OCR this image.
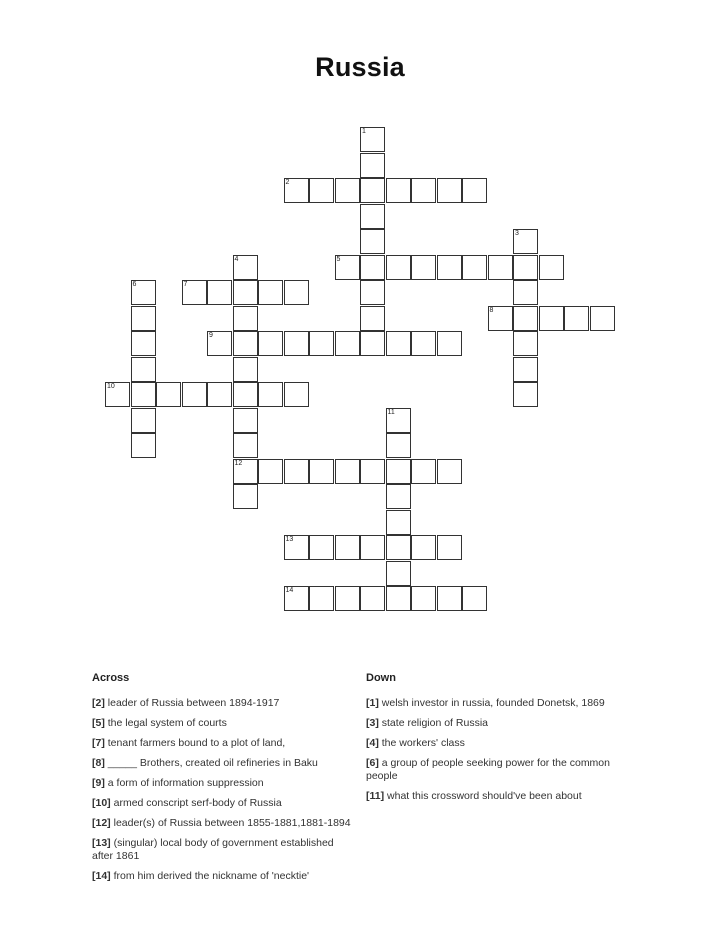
Russia
1
2
3
4	5
6	7
8
9
10
11
12
13
14
Across
[2] leader of Russia between 1894-1917
[5] the legal system of courts
[7] tenant farmers bound to a plot of land,
[8] _____ Brothers, created oil refineries in Baku
[9] a form of information suppression
[10] armed conscript serf-body of Russia
[12] leader(s) of Russia between 1855-1881,1881-1894
[13] (singular) local body of government established after 1861
[14] from him derived the nickname of 'necktie'
Down
[1] welsh investor in russia, founded Donetsk, 1869
[3] state religion of Russia
[4] the workers' class
[6] a group of people seeking power for the common people
[11] what this crossword should've been about
